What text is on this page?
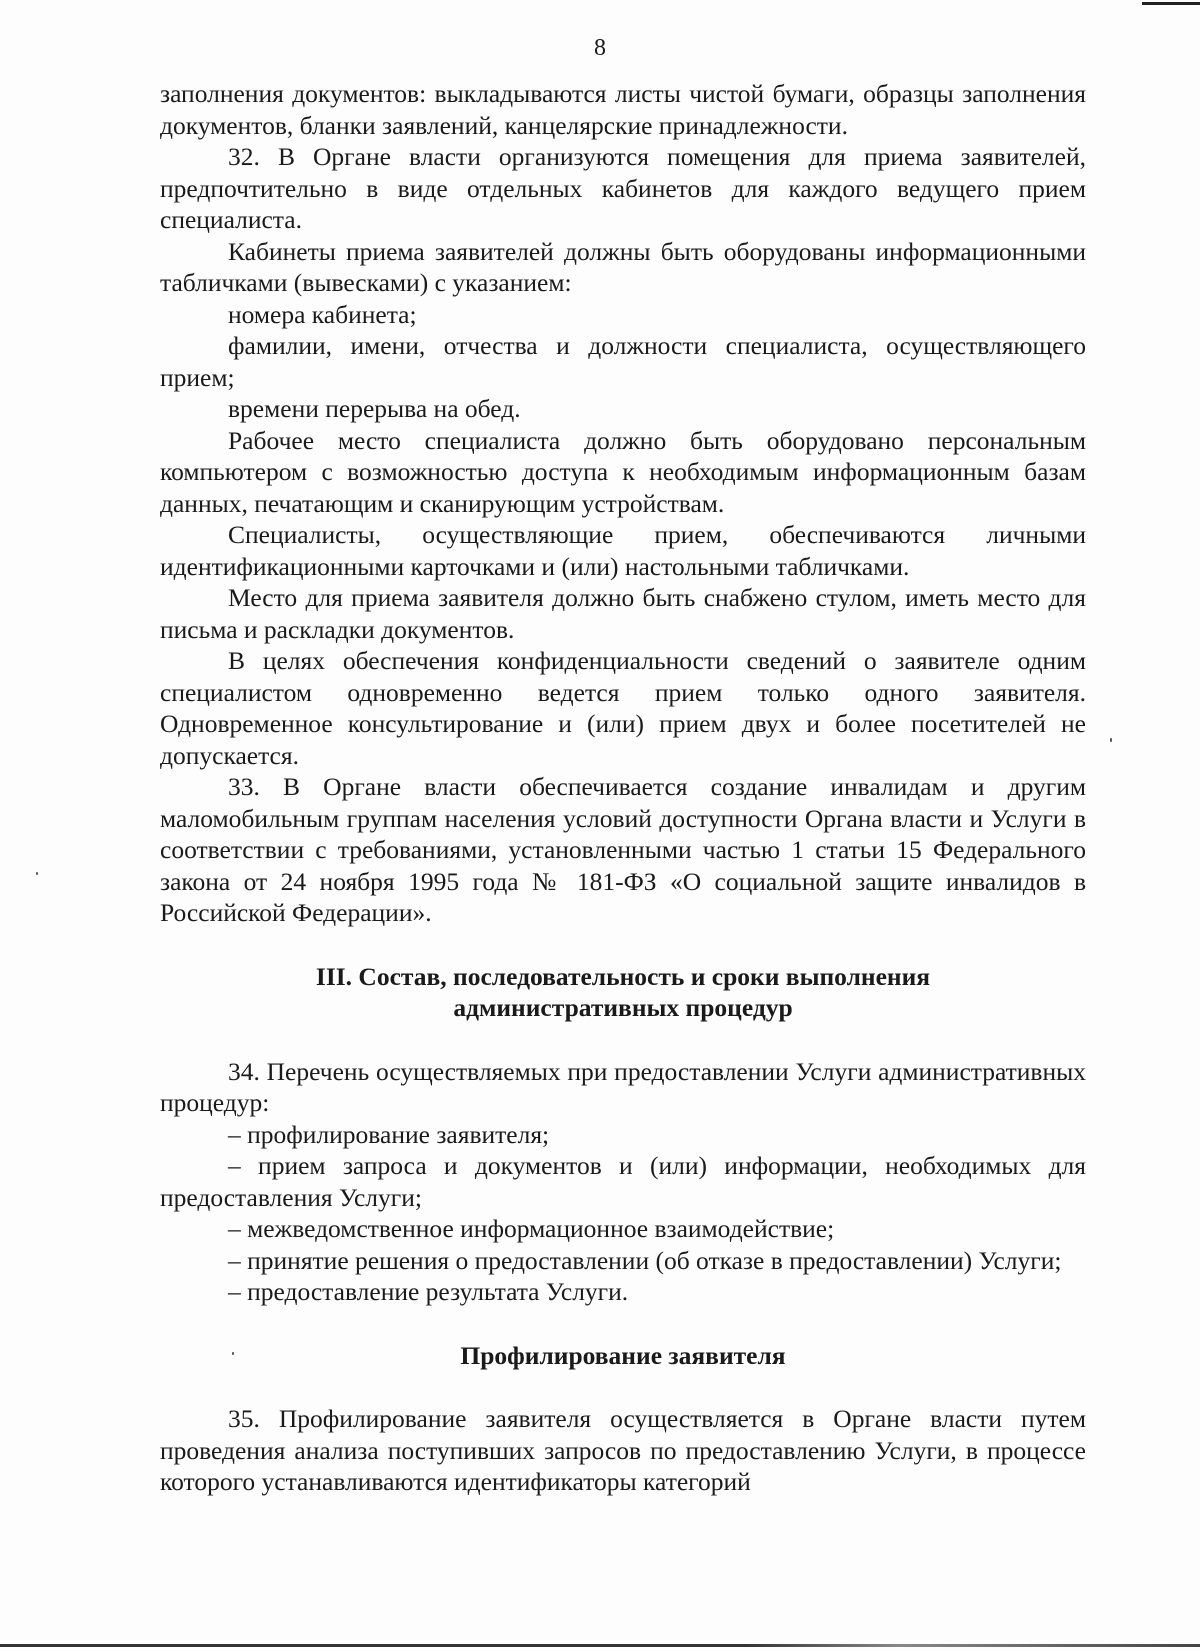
8

заполнения документов: выкладываются листы чистой бумаги, образцы заполнения документов, бланки заявлений, канцелярские принадлежности.

32. В Органе власти организуются помещения для приема заявителей, предпочтительно в виде отдельных кабинетов для каждого ведущего прием специалиста.

Кабинеты приема заявителей должны быть оборудованы информационными табличками (вывесками) с указанием:

номера кабинета;

фамилии, имени, отчества и должности специалиста, осуществляющего прием;

времени перерыва на обед.

Рабочее место специалиста должно быть оборудовано персональным компьютером с возможностью доступа к необходимым информационным базам данных, печатающим и сканирующим устройствам.

Специалисты, осуществляющие прием, обеспечиваются личными идентификационными карточками и (или) настольными табличками.

Место для приема заявителя должно быть снабжено стулом, иметь место для письма и раскладки документов.

В целях обеспечения конфиденциальности сведений о заявителе одним специалистом одновременно ведется прием только одного заявителя. Одновременное консультирование и (или) прием двух и более посетителей не допускается.

33. В Органе власти обеспечивается создание инвалидам и другим маломобильным группам населения условий доступности Органа власти и Услуги в соответствии с требованиями, установленными частью 1 статьи 15 Федерального закона от 24 ноября 1995 года № 181-ФЗ «О социальной защите инвалидов в Российской Федерации».

III. Состав, последовательность и сроки выполнения
административных процедур

34. Перечень осуществляемых при предоставлении Услуги административных процедур:

– профилирование заявителя;

– прием запроса и документов и (или) информации, необходимых для предоставления Услуги;

– межведомственное информационное взаимодействие;

– принятие решения о предоставлении (об отказе в предоставлении) Услуги;

– предоставление результата Услуги.

Профилирование заявителя

35. Профилирование заявителя осуществляется в Органе власти путем проведения анализа поступивших запросов по предоставлению Услуги, в процессе которого устанавливаются идентификаторы категорий
